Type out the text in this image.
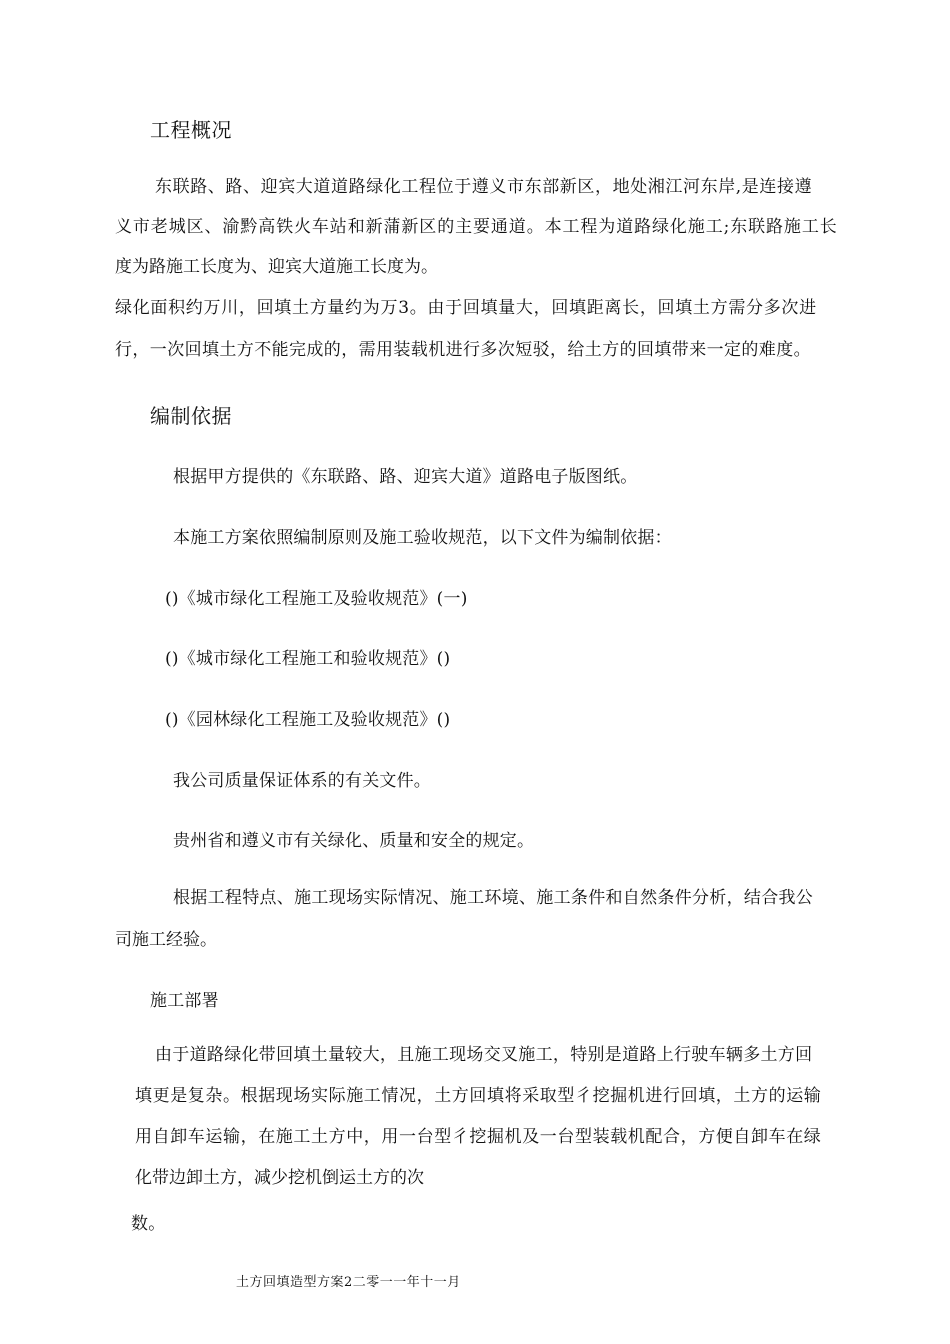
工程概况
东联路、路、迎宾大道道路绿化工程位于遵义市东部新区，地处湘江河东岸,是连接遵
义市老城区、渝黔高铁火车站和新蒲新区的主要通道。本工程为道路绿化施工;东联路施工长
度为路施工长度为、迎宾大道施工长度为。
绿化面积约万川，回填土方量约为万3。由于回填量大，回填距离长，回填土方需分多次进
行，一次回填土方不能完成的，需用装载机进行多次短驳，给土方的回填带来一定的难度。
编制依据
根据甲方提供的《东联路、路、迎宾大道》道路电子版图纸。
本施工方案依照编制原则及施工验收规范，以下文件为编制依据：
()《城市绿化工程施工及验收规范》(一)
()《城市绿化工程施工和验收规范》()
()《园林绿化工程施工及验收规范》()
我公司质量保证体系的有关文件。
贵州省和遵义市有关绿化、质量和安全的规定。
根据工程特点、施工现场实际情况、施工环境、施工条件和自然条件分析，结合我公
司施工经验。
施工部署
由于道路绿化带回填土量较大，且施工现场交叉施工，特别是道路上行驶车辆多土方回
填更是复杂。根据现场实际施工情况，土方回填将采取型彳挖掘机进行回填，土方的运输
用自卸车运输，在施工土方中，用一台型彳挖掘机及一台型装载机配合，方便自卸车在绿
化带边卸土方，减少挖机倒运土方的次
数。
土方回填造型方案2二零一一年十一月
